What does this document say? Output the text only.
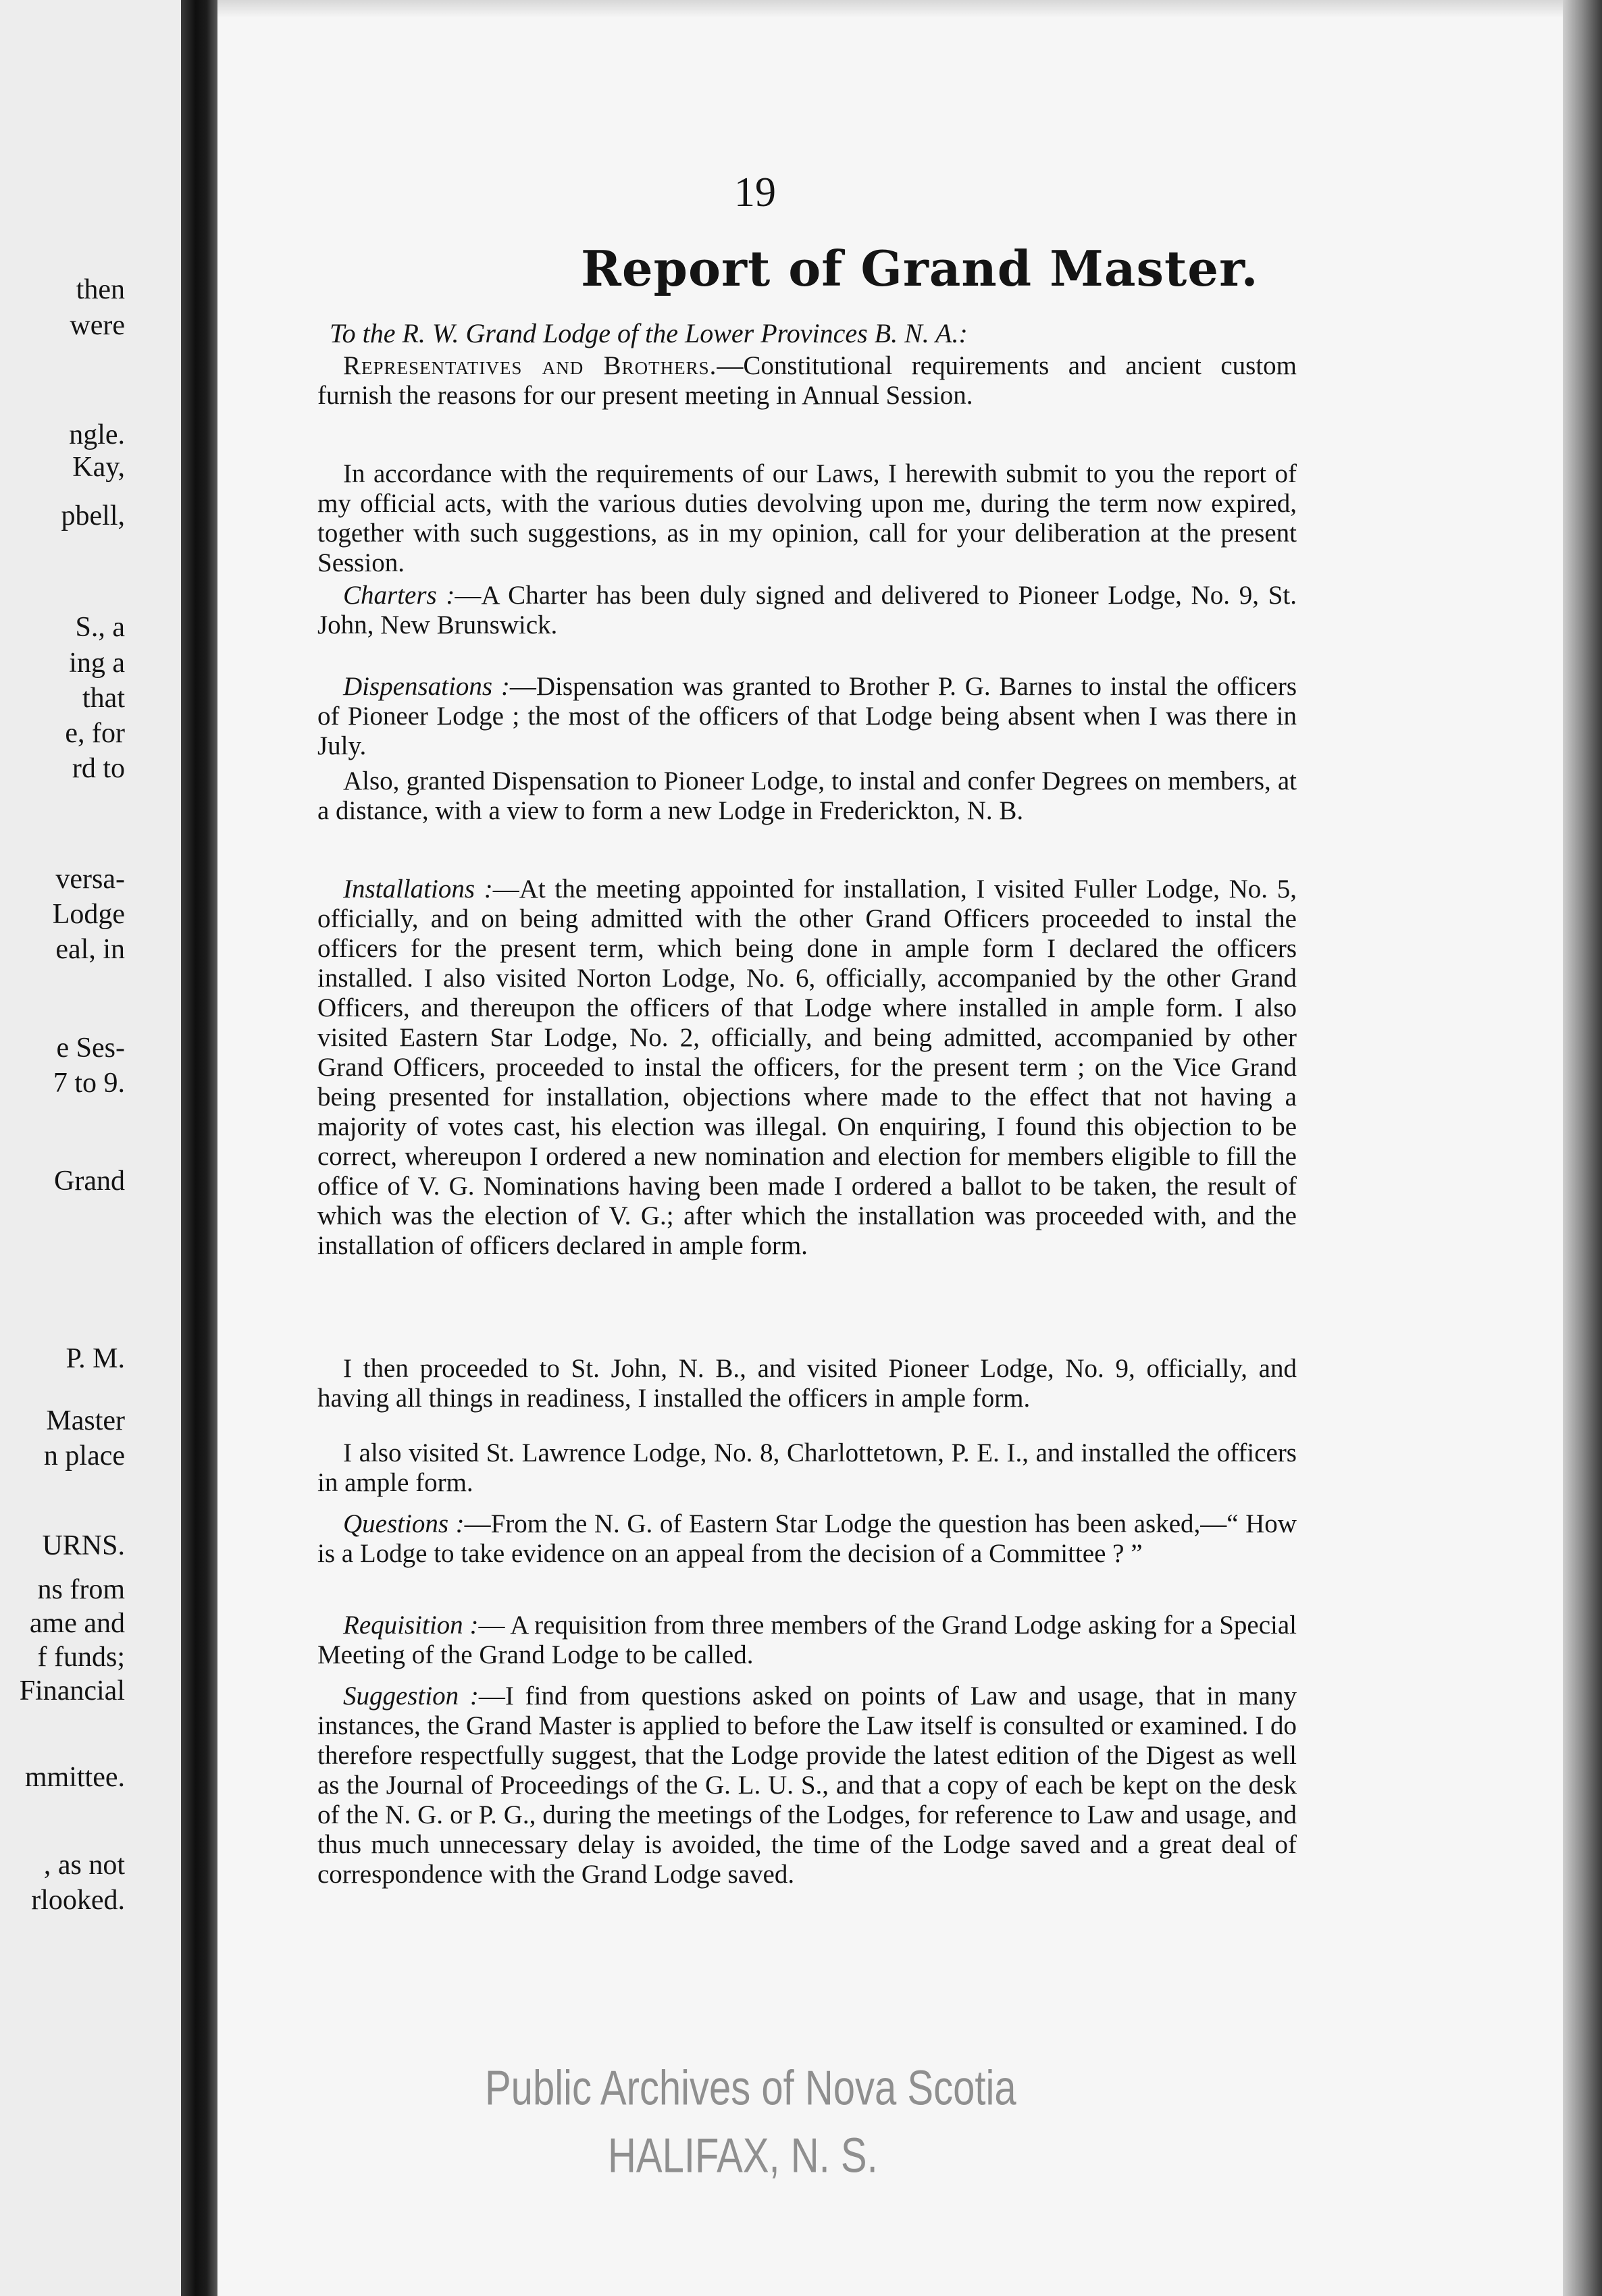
then
were
ngle.
Kay,
pbell,
S., a
ing a
that
e, for
rd to
versa-
Lodge
eal, in
e Ses-
7 to 9.
Grand
P. M.
Master
n place
URNS.
ns from
ame and
f funds;
Financial
mmittee.
, as not
rlooked.
19
Report of Grand Master.
To the R. W. Grand Lodge of the Lower Provinces B. N. A.:
Representatives and Brothers.—Constitutional requirements and ancient custom furnish the reasons for our present meeting in Annual Session.
In accordance with the requirements of our Laws, I herewith submit to you the report of my official acts, with the various duties devolving upon me, during the term now expired, together with such suggestions, as in my opinion, call for your deliberation at the present Session.
Charters :—A Charter has been duly signed and delivered to Pioneer Lodge, No. 9, St. John, New Brunswick.
Dispensations :—Dispensation was granted to Brother P. G. Barnes to instal the officers of Pioneer Lodge ; the most of the officers of that Lodge being absent when I was there in July.
Also, granted Dispensation to Pioneer Lodge, to instal and confer Degrees on members, at a distance, with a view to form a new Lodge in Frederickton, N. B.
Installations :—At the meeting appointed for installation, I visited Fuller Lodge, No. 5, officially, and on being admitted with the other Grand Officers proceeded to instal the officers for the present term, which being done in ample form I declared the officers installed. I also visited Norton Lodge, No. 6, officially, accompanied by the other Grand Officers, and thereupon the officers of that Lodge where installed in ample form. I also visited Eastern Star Lodge, No. 2, officially, and being admitted, accompanied by other Grand Officers, proceeded to instal the officers, for the present term ; on the Vice Grand being presented for installation, objections where made to the effect that not having a majority of votes cast, his election was illegal. On enquiring, I found this objection to be correct, whereupon I ordered a new nomination and election for members eligible to fill the office of V. G. Nominations having been made I ordered a ballot to be taken, the result of which was the election of V. G.; after which the installation was proceeded with, and the installation of officers declared in ample form.
I then proceeded to St. John, N. B., and visited Pioneer Lodge, No. 9, officially, and having all things in readiness, I installed the officers in ample form.
I also visited St. Lawrence Lodge, No. 8, Charlottetown, P. E. I., and installed the officers in ample form.
Questions :—From the N. G. of Eastern Star Lodge the question has been asked,—“ How is a Lodge to take evidence on an appeal from the decision of a Committee ? ”
Requisition :— A requisition from three members of the Grand Lodge asking for a Special Meeting of the Grand Lodge to be called.
Suggestion :—I find from questions asked on points of Law and usage, that in many instances, the Grand Master is applied to before the Law itself is consulted or examined. I do therefore respectfully suggest, that the Lodge provide the latest edition of the Digest as well as the Journal of Proceedings of the G. L. U. S., and that a copy of each be kept on the desk of the N. G. or P. G., during the meetings of the Lodges, for reference to Law and usage, and thus much unnecessary delay is avoided, the time of the Lodge saved and a great deal of correspondence with the Grand Lodge saved.
Public Archives of Nova Scotia
HALIFAX, N. S.
